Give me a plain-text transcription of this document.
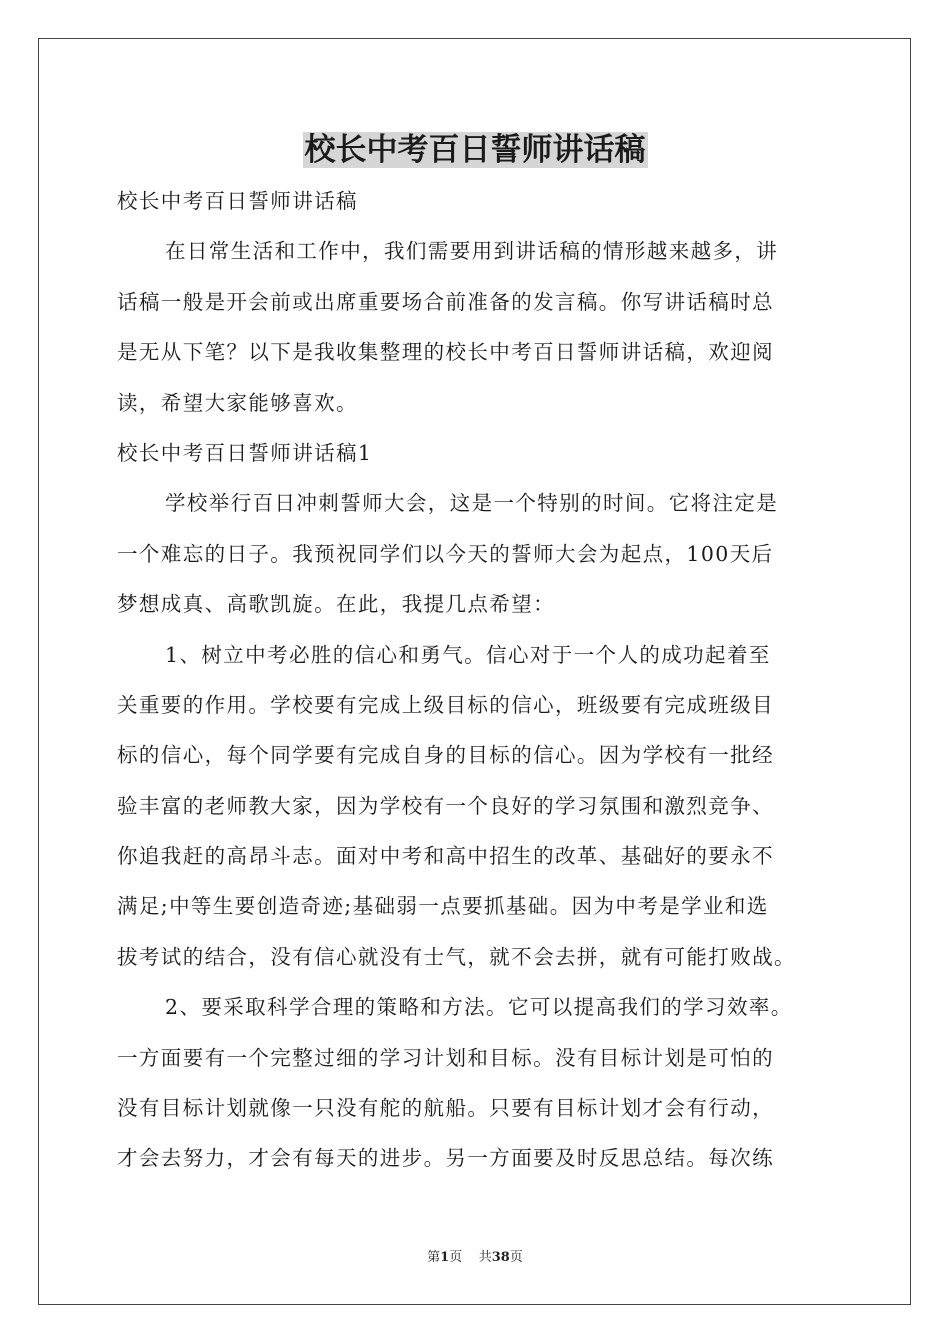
校长中考百日誓师讲话稿
校长中考百日誓师讲话稿
在日常生活和工作中，我们需要用到讲话稿的情形越来越多，讲
话稿一般是开会前或出席重要场合前准备的发言稿。你写讲话稿时总
是无从下笔？以下是我收集整理的校长中考百日誓师讲话稿，欢迎阅
读，希望大家能够喜欢。
校长中考百日誓师讲话稿1
学校举行百日冲刺誓师大会，这是一个特别的时间。它将注定是
一个难忘的日子。我预祝同学们以今天的誓师大会为起点，100天后
梦想成真、高歌凯旋。在此，我提几点希望：
1、树立中考必胜的信心和勇气。信心对于一个人的成功起着至
关重要的作用。学校要有完成上级目标的信心，班级要有完成班级目
标的信心，每个同学要有完成自身的目标的信心。因为学校有一批经
验丰富的老师教大家，因为学校有一个良好的学习氛围和激烈竞争、
你追我赶的高昂斗志。面对中考和高中招生的改革、基础好的要永不
满足;中等生要创造奇迹;基础弱一点要抓基础。因为中考是学业和选
拔考试的结合，没有信心就没有士气，就不会去拼，就有可能打败战。
2、要采取科学合理的策略和方法。它可以提高我们的学习效率。
一方面要有一个完整过细的学习计划和目标。没有目标计划是可怕的
没有目标计划就像一只没有舵的航船。只要有目标计划才会有行动，
才会去努力，才会有每天的进步。另一方面要及时反思总结。每次练
第1页 共38页
